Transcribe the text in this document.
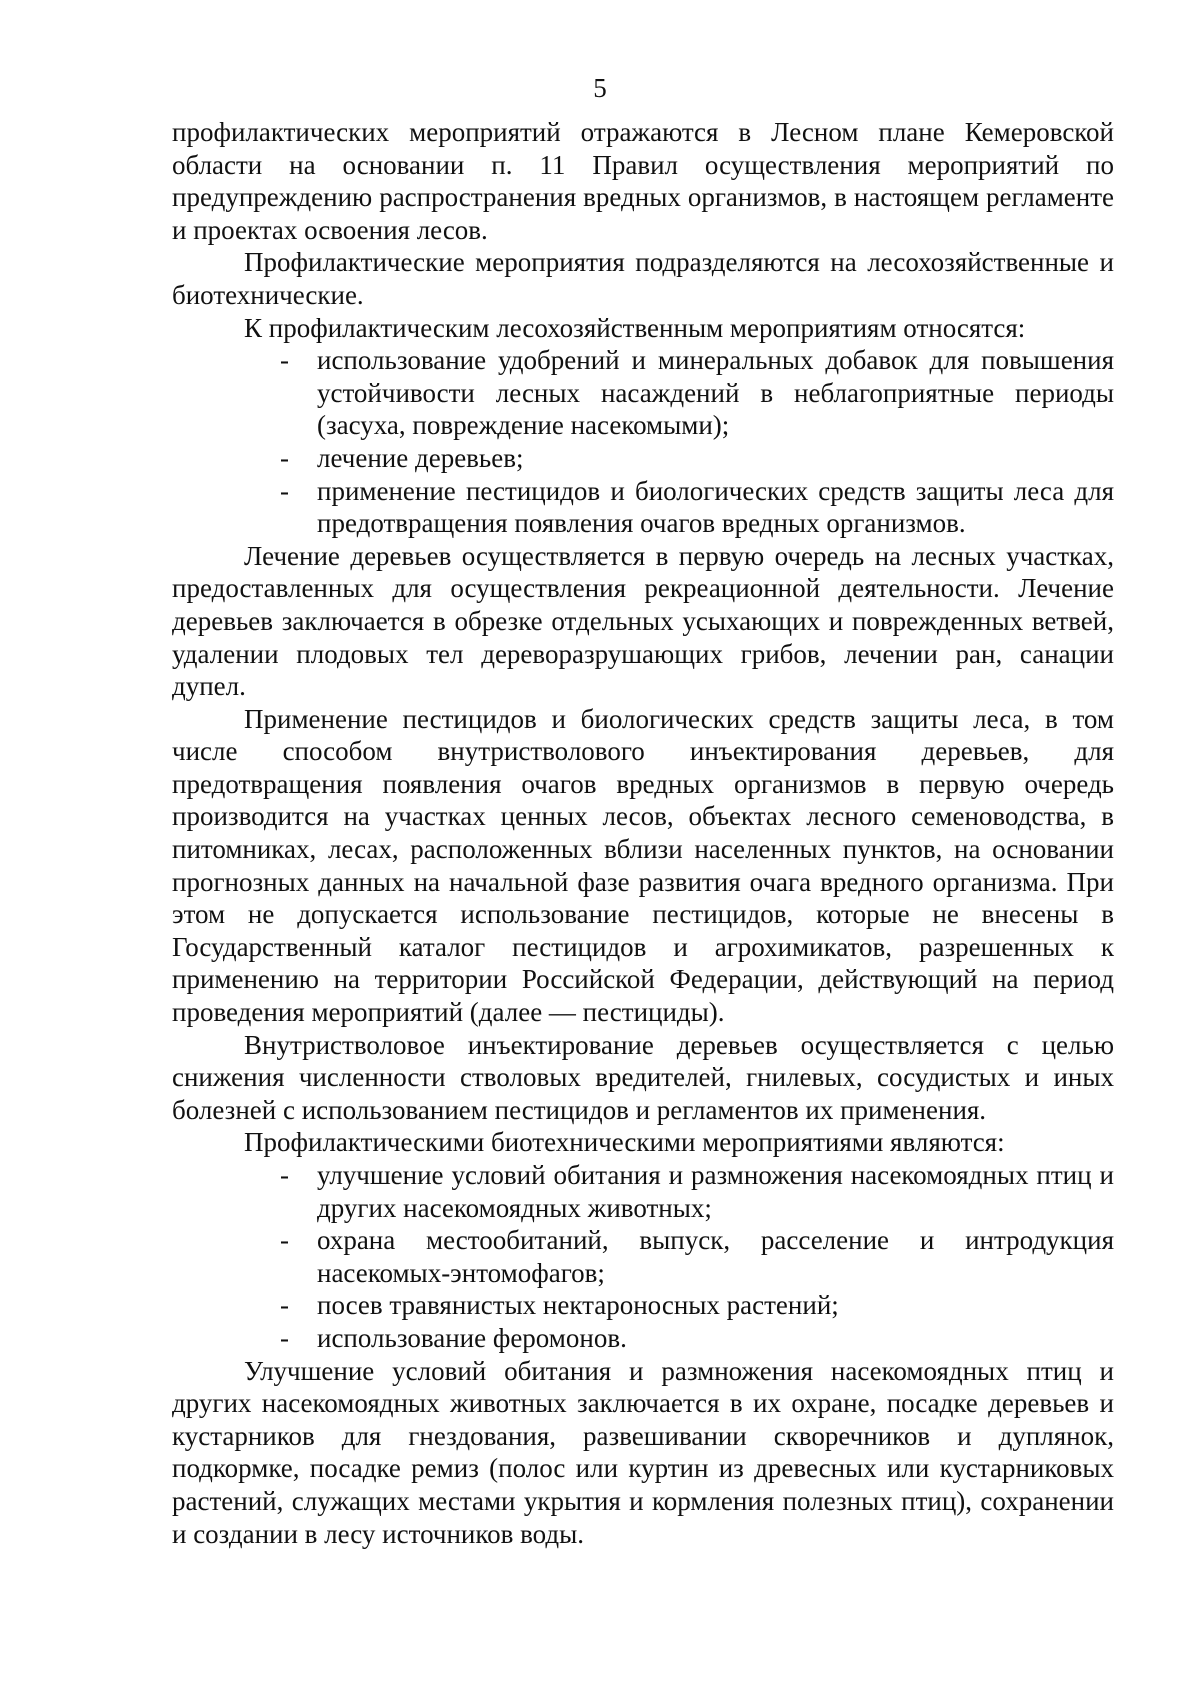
5

профилактических мероприятий отражаются в Лесном плане Кемеровской области на основании п. 11 Правил осуществления мероприятий по предупреждению распространения вредных организмов, в настоящем регламенте и проектах освоения лесов.

Профилактические мероприятия подразделяются на лесохозяйственные и биотехнические.

К профилактическим лесохозяйственным мероприятиям относятся:

- использование удобрений и минеральных добавок для повышения устойчивости лесных насаждений в неблагоприятные периоды (засуха, повреждение насекомыми);
- лечение деревьев;
- применение пестицидов и биологических средств защиты леса для предотвращения появления очагов вредных организмов.

Лечение деревьев осуществляется в первую очередь на лесных участках, предоставленных для осуществления рекреационной деятельности. Лечение деревьев заключается в обрезке отдельных усыхающих и поврежденных ветвей, удалении плодовых тел дереворазрушающих грибов, лечении ран, санации дупел.

Применение пестицидов и биологических средств защиты леса, в том числе способом внутристволового инъектирования деревьев, для предотвращения появления очагов вредных организмов в первую очередь производится на участках ценных лесов, объектах лесного семеноводства, в питомниках, лесах, расположенных вблизи населенных пунктов, на основании прогнозных данных на начальной фазе развития очага вредного организма. При этом не допускается использование пестицидов, которые не внесены в Государственный каталог пестицидов и агрохимикатов, разрешенных к применению на территории Российской Федерации, действующий на период проведения мероприятий (далее — пестициды).

Внутристволовое инъектирование деревьев осуществляется с целью снижения численности стволовых вредителей, гнилевых, сосудистых и иных болезней с использованием пестицидов и регламентов их применения.

Профилактическими биотехническими мероприятиями являются:

- улучшение условий обитания и размножения насекомоядных птиц и других насекомоядных животных;
- охрана местообитаний, выпуск, расселение и интродукция насекомых-энтомофагов;
- посев травянистых нектароносных растений;
- использование феромонов.

Улучшение условий обитания и размножения насекомоядных птиц и других насекомоядных животных заключается в их охране, посадке деревьев и кустарников для гнездования, развешивании скворечников и дуплянок, подкормке, посадке ремиз (полос или куртин из древесных или кустарниковых растений, служащих местами укрытия и кормления полезных птиц), сохранении и создании в лесу источников воды.
